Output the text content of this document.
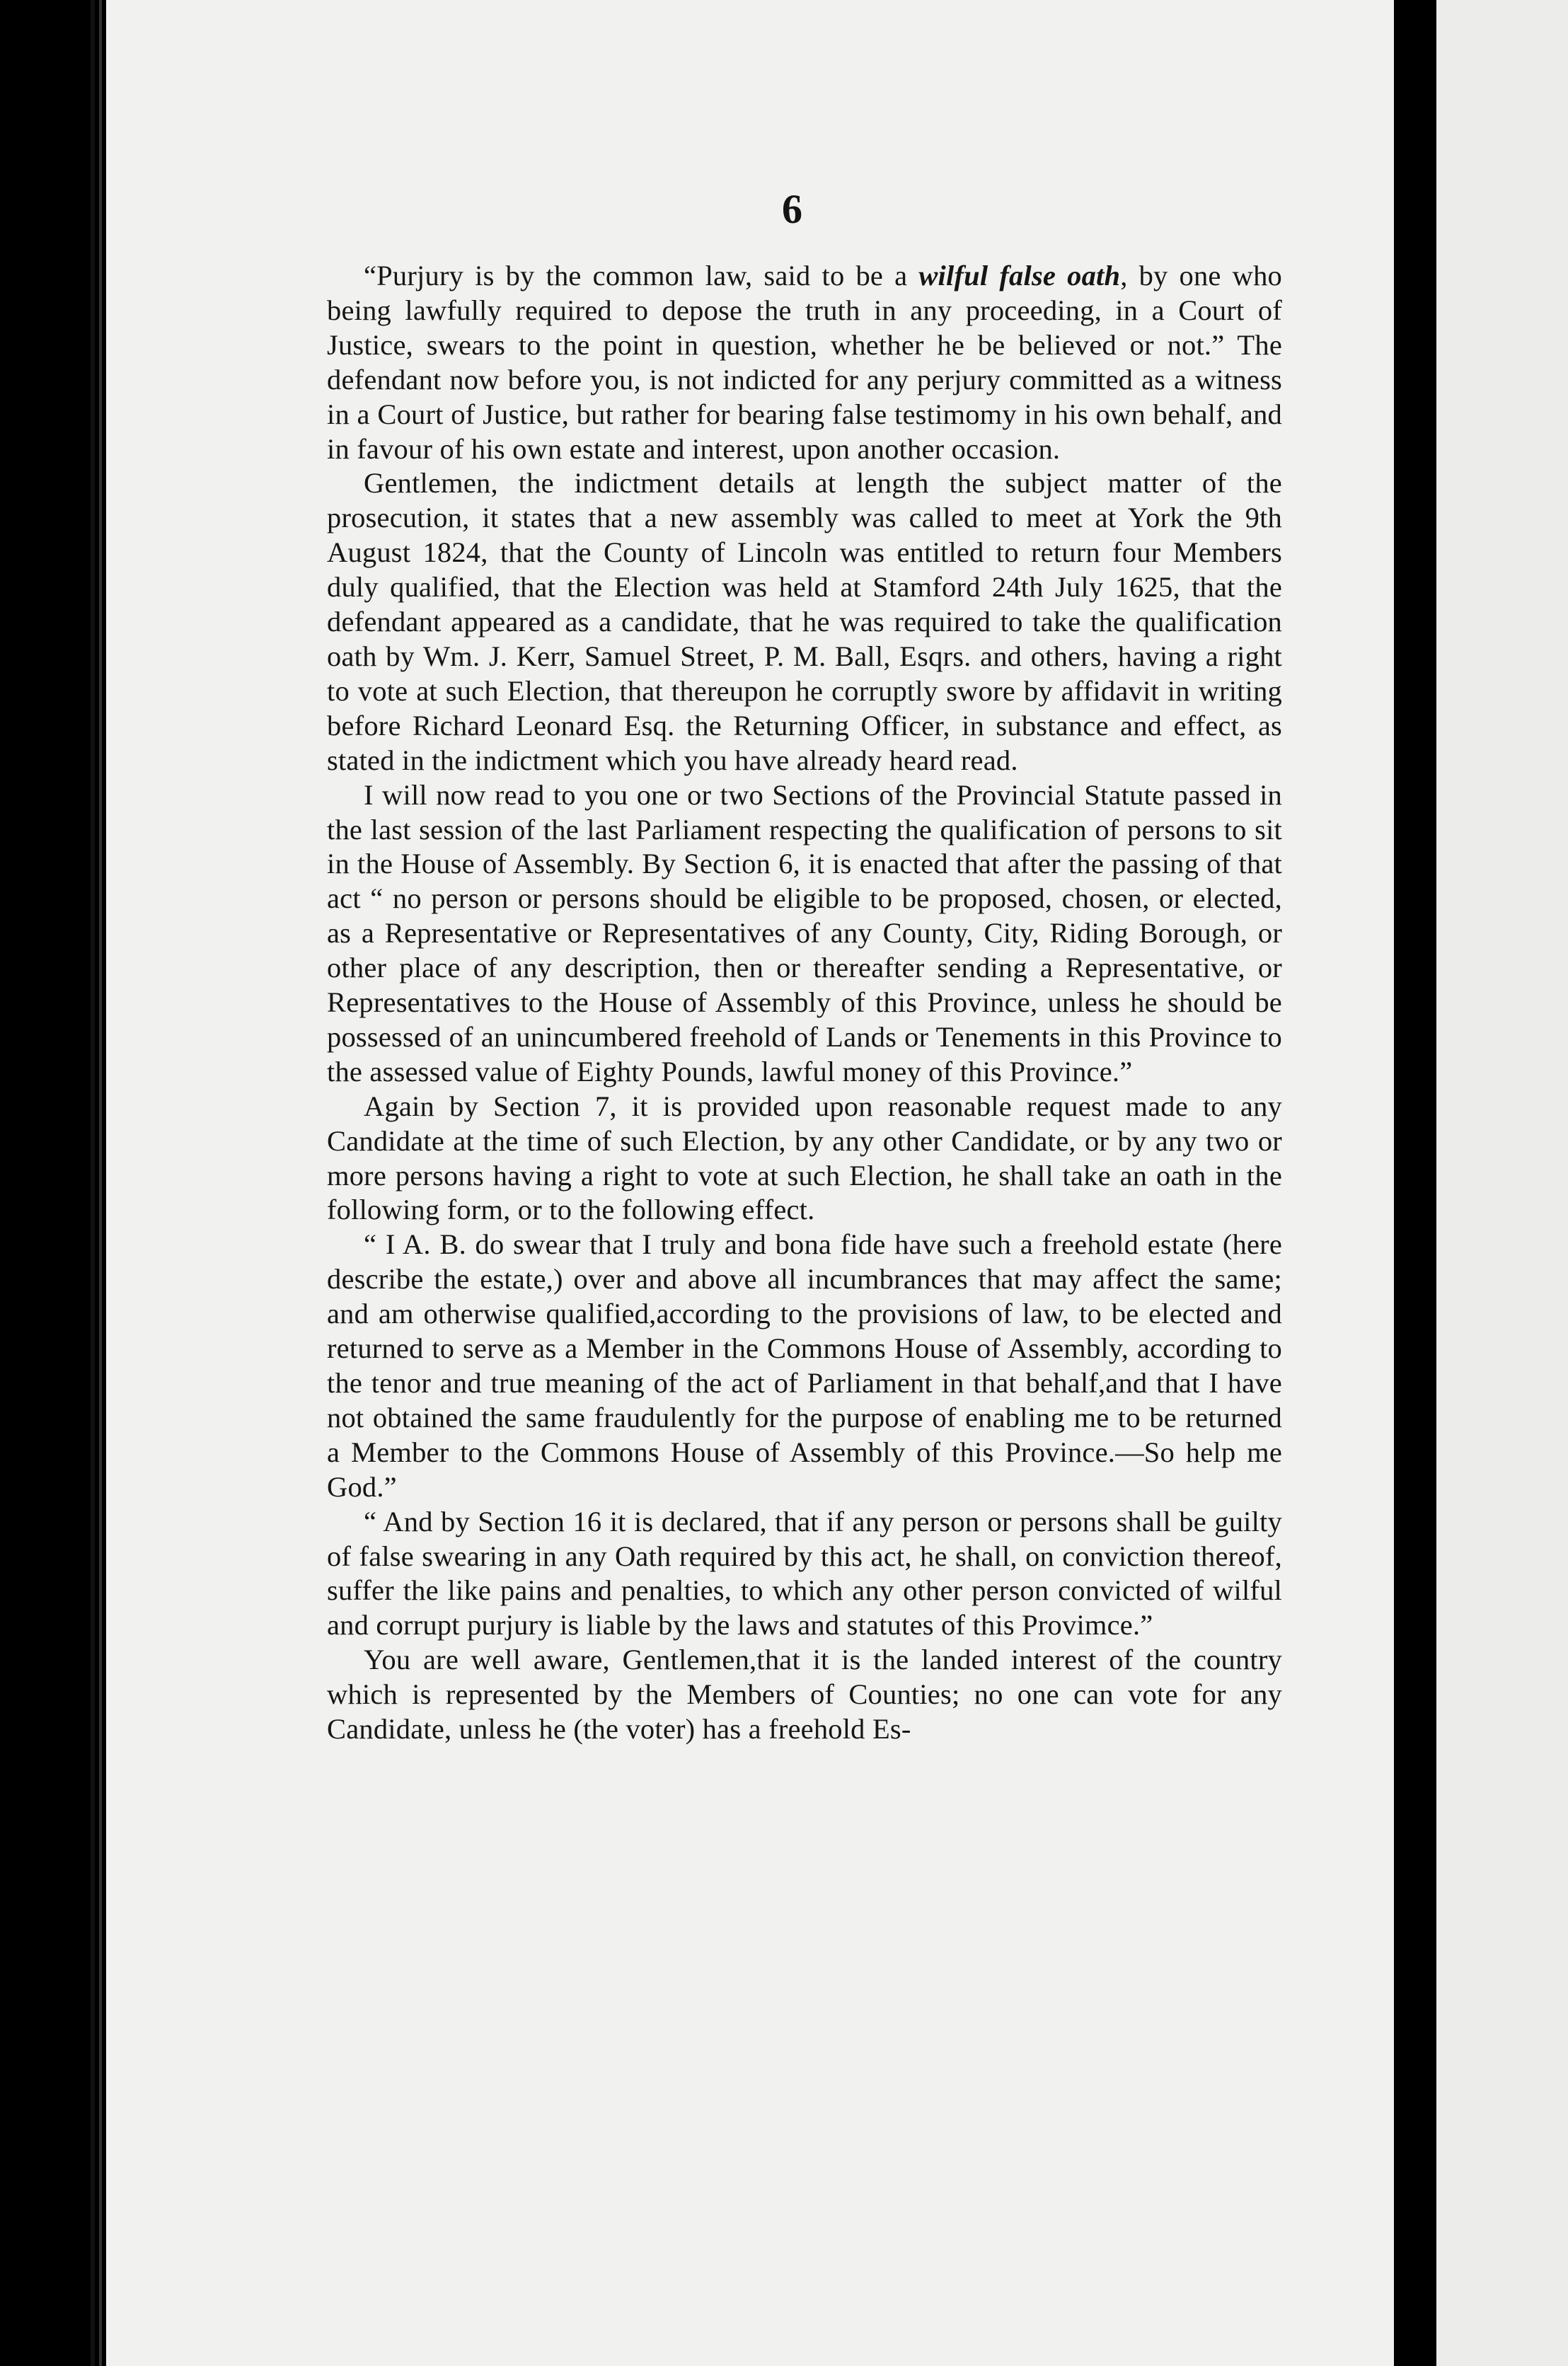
6

“Purjury is by the common law, said to be a wilful false oath, by one who being lawfully required to depose the truth in any proceeding, in a Court of Justice, swears to the point in question, whether he be believed or not.” The defendant now before you, is not indicted for any perjury committed as a witness in a Court of Justice, but rather for bearing false testimomy in his own behalf, and in favour of his own estate and interest, upon another occasion.

Gentlemen, the indictment details at length the subject matter of the prosecution, it states that a new assembly was called to meet at York the 9th August 1824, that the County of Lincoln was entitled to return four Members duly qualified, that the Election was held at Stamford 24th July 1625, that the defendant appeared as a candidate, that he was required to take the qualification oath by Wm. J. Kerr, Samuel Street, P. M. Ball, Esqrs. and others, having a right to vote at such Election, that thereupon he corruptly swore by affidavit in writing before Richard Leonard Esq. the Returning Officer, in substance and effect, as stated in the indictment which you have already heard read.

I will now read to you one or two Sections of the Provincial Statute passed in the last session of the last Parliament respecting the qualification of persons to sit in the House of Assembly. By Section 6, it is enacted that after the passing of that act “ no person or persons should be eligible to be proposed, chosen, or elected, as a Representative or Representatives of any County, City, Riding Borough, or other place of any description, then or thereafter sending a Representative, or Representatives to the House of Assembly of this Province, unless he should be possessed of an unincumbered freehold of Lands or Tenements in this Province to the assessed value of Eighty Pounds, lawful money of this Province.”

Again by Section 7, it is provided upon reasonable request made to any Candidate at the time of such Election, by any other Candidate, or by any two or more persons having a right to vote at such Election, he shall take an oath in the following form, or to the following effect.

“ I A. B. do swear that I truly and bona fide have such a freehold estate (here describe the estate,) over and above all incumbrances that may affect the same; and am otherwise qualified,according to the provisions of law, to be elected and returned to serve as a Member in the Commons House of Assembly, according to the tenor and true meaning of the act of Parliament in that behalf,and that I have not obtained the same fraudulently for the purpose of enabling me to be returned a Member to the Commons House of Assembly of this Province.—So help me God.”

“ And by Section 16 it is declared, that if any person or persons shall be guilty of false swearing in any Oath required by this act, he shall, on conviction thereof, suffer the like pains and penalties, to which any other person convicted of wilful and corrupt purjury is liable by the laws and statutes of this Provimce.”

You are well aware, Gentlemen,that it is the landed interest of the country which is represented by the Members of Counties; no one can vote for any Candidate, unless he (the voter) has a freehold Es-
